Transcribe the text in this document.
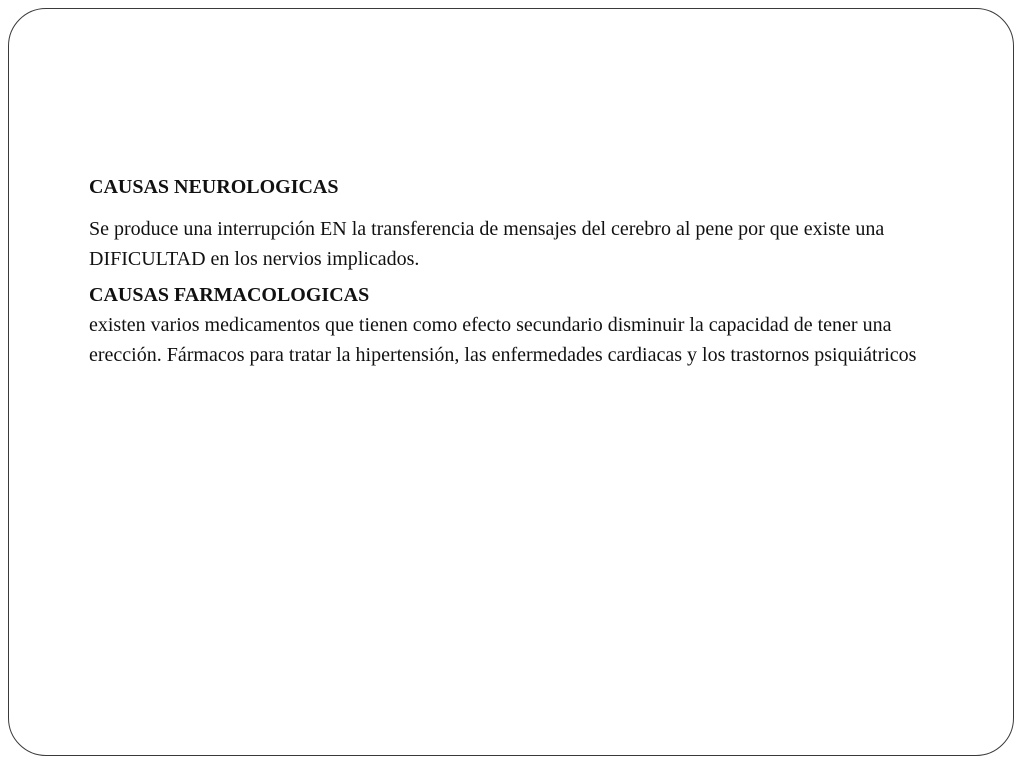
CAUSAS NEUROLOGICAS

Se produce una interrupción EN la transferencia de mensajes del cerebro al pene por que existe una DIFICULTAD en los nervios implicados.

CAUSAS FARMACOLOGICAS

existen varios medicamentos que tienen como efecto secundario disminuir la capacidad de tener una erección. Fármacos para tratar la hipertensión, las enfermedades cardiacas y los trastornos psiquiátricos
